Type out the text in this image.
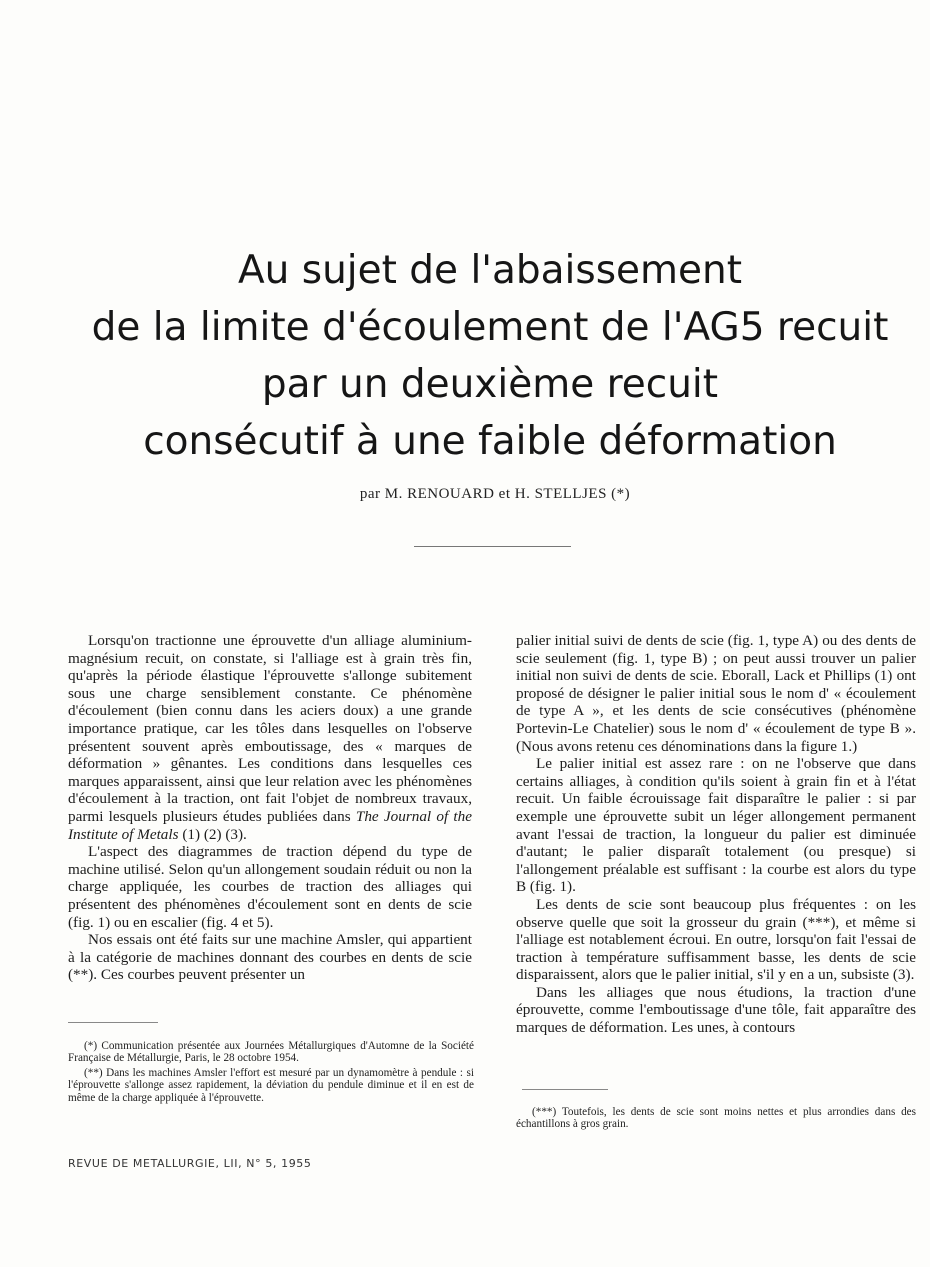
Au sujet de l'abaissement
de la limite d'écoulement de l'AG5 recuit
par un deuxième recuit
consécutif à une faible déformation
par M. RENOUARD et H. STELLJES (*)

Lorsqu'on tractionne une éprouvette d'un alliage aluminium-magnésium recuit, on constate, si l'alliage est à grain très fin, qu'après la période élastique l'éprouvette s'allonge subitement sous une charge sensiblement constante. Ce phénomène d'écoulement (bien connu dans les aciers doux) a une grande importance pratique, car les tôles dans lesquelles on l'observe présentent souvent après emboutissage, des « marques de déformation » gênantes. Les conditions dans lesquelles ces marques apparaissent, ainsi que leur relation avec les phénomènes d'écoulement à la traction, ont fait l'objet de nombreux travaux, parmi lesquels plusieurs études publiées dans The Journal of the Institute of Metals (1) (2) (3).

L'aspect des diagrammes de traction dépend du type de machine utilisé. Selon qu'un allongement soudain réduit ou non la charge appliquée, les courbes de traction des alliages qui présentent des phénomènes d'écoulement sont en dents de scie (fig. 1) ou en escalier (fig. 4 et 5).

Nos essais ont été faits sur une machine Amsler, qui appartient à la catégorie de machines donnant des courbes en dents de scie (**). Ces courbes peuvent présenter un

palier initial suivi de dents de scie (fig. 1, type A) ou des dents de scie seulement (fig. 1, type B) ; on peut aussi trouver un palier initial non suivi de dents de scie. Eborall, Lack et Phillips (1) ont proposé de désigner le palier initial sous le nom d' « écoulement de type A », et les dents de scie consécutives (phénomène Portevin-Le Chatelier) sous le nom d' « écoulement de type B ». (Nous avons retenu ces dénominations dans la figure 1.)

Le palier initial est assez rare : on ne l'observe que dans certains alliages, à condition qu'ils soient à grain fin et à l'état recuit. Un faible écrouissage fait disparaître le palier : si par exemple une éprouvette subit un léger allongement permanent avant l'essai de traction, la longueur du palier est diminuée d'autant; le palier disparaît totalement (ou presque) si l'allongement préalable est suffisant : la courbe est alors du type B (fig. 1).

Les dents de scie sont beaucoup plus fréquentes : on les observe quelle que soit la grosseur du grain (***), et même si l'alliage est notablement écroui. En outre, lorsqu'on fait l'essai de traction à température suffisamment basse, les dents de scie disparaissent, alors que le palier initial, s'il y en a un, subsiste (3).

Dans les alliages que nous étudions, la traction d'une éprouvette, comme l'emboutissage d'une tôle, fait apparaître des marques de déformation. Les unes, à contours

(*) Communication présentée aux Journées Métallurgiques d'Automne de la Société Française de Métallurgie, Paris, le 28 octobre 1954.

(**) Dans les machines Amsler l'effort est mesuré par un dynamomètre à pendule : si l'éprouvette s'allonge assez rapidement, la déviation du pendule diminue et il en est de même de la charge appliquée à l'éprouvette.

(***) Toutefois, les dents de scie sont moins nettes et plus arrondies dans des échantillons à gros grain.

REVUE DE METALLURGIE, LII, N° 5, 1955
